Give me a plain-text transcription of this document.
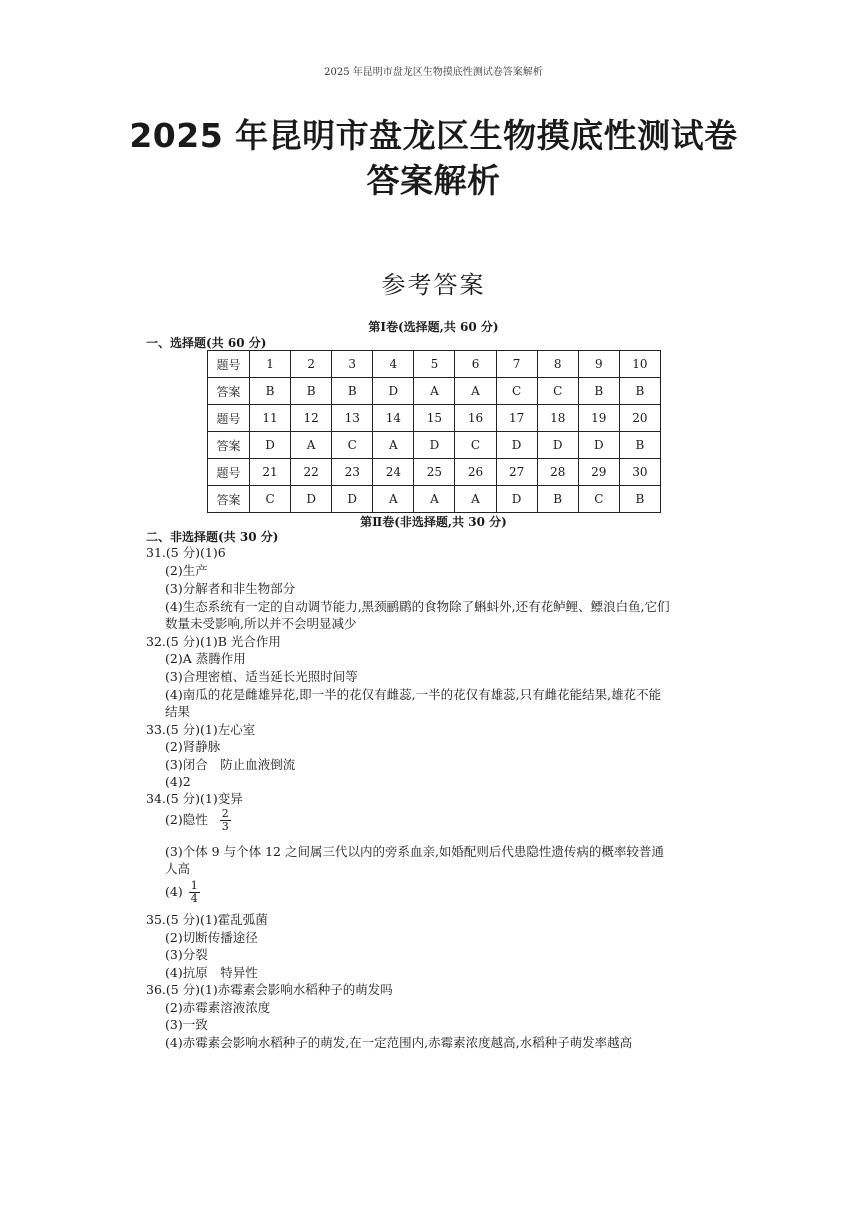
2025 年昆明市盘龙区生物摸底性测试卷答案解析
2025 年昆明市盘龙区生物摸底性测试卷
答案解析
参考答案
第Ⅰ卷(选择题,共 60 分)
一、选择题(共 60 分)
题号	1	2	3	4	5	6	7	8	9	10
答案	B	B	B	D	A	A	C	C	B	B
题号	11	12	13	14	15	16	17	18	19	20
答案	D	A	C	A	D	C	D	D	D	B
题号	21	22	23	24	25	26	27	28	29	30
答案	C	D	D	A	A	A	D	B	C	B
第Ⅱ卷(非选择题,共 30 分)
二、非选择题(共 30 分)
31.(5 分)(1)6
(2)生产
(3)分解者和非生物部分
(4)生态系统有一定的自动调节能力,黑颈鹂鹛的食物除了蝌蚪外,还有花鲈鲤、鳔浪白鱼,它们
数量未受影响,所以并不会明显减少
32.(5 分)(1)B 光合作用
(2)A 蒸腾作用
(3)合理密植、适当延长光照时间等
(4)南瓜的花是雌雄异花,即一半的花仅有雌蕊,一半的花仅有雄蕊,只有雌花能结果,雄花不能
结果
33.(5 分)(1)左心室
(2)肾静脉
(3)闭合　防止血液倒流
(4)2
34.(5 分)(1)变异
(2)隐性 $\frac{2}{3}$
(3)个体 9 与个体 12 之间属三代以内的旁系血亲,如婚配则后代患隐性遗传病的概率较普通
人高
$(4) \frac{1}{4}$
35.(5 分)(1)霍乱弧菌
(2)切断传播途径
(3)分裂
(4)抗原　特异性
36.(5 分)(1)赤霉素会影响水稻种子的萌发吗
(2)赤霉素溶液浓度
(3)一致
(4)赤霉素会影响水稻种子的萌发,在一定范围内,赤霉素浓度越高,水稻种子萌发率越高
